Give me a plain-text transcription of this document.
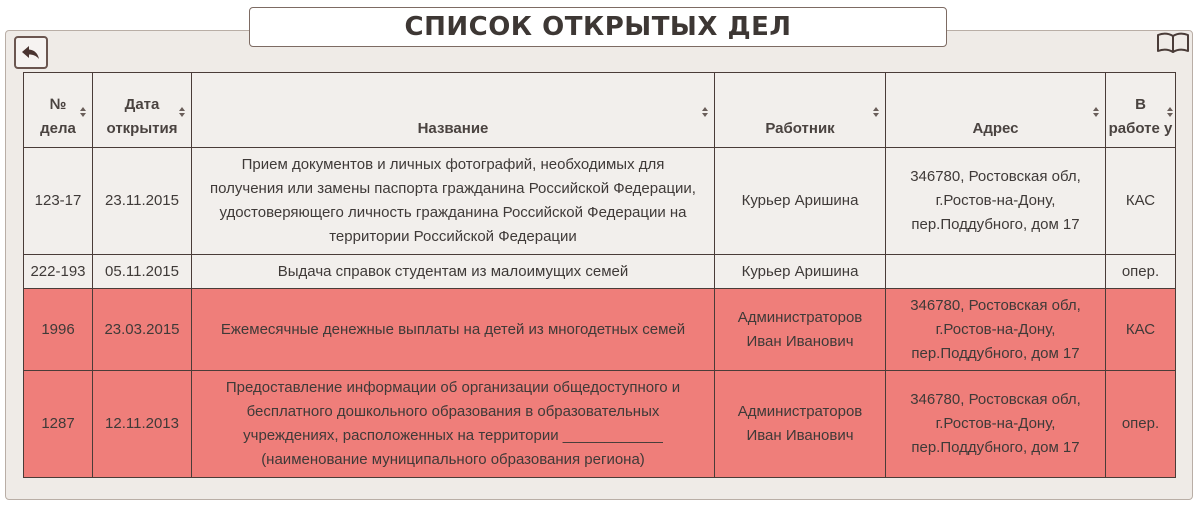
СПИСОК ОТКРЫТЫХ ДЕЛ
№ дела	Дата открытия	Название	Работник	Адрес	В работе у

123-17	23.11.2015	Прием документов и личных фотографий, необходимых для получения или замены паспорта гражданина Российской Федерации, удостоверяющего личность гражданина Российской Федерации на территории Российской Федерации	Курьер Аришина	346780, Ростовская обл, г.Ростов-на-Дону, пер.Поддубного, дом 17	КАС
222-193	05.11.2015	Выдача справок студентам из малоимущих семей	Курьер Аришина		опер.
1996	23.03.2015	Ежемесячные денежные выплаты на детей из многодетных семей	Администраторов Иван Иванович	346780, Ростовская обл, г.Ростов-на-Дону, пер.Поддубного, дом 17	КАС
1287	12.11.2013	Предоставление информации об организации общедоступного и бесплатного дошкольного образования в образовательных учреждениях, расположенных на территории ____________ (наименование муниципального образования региона)	Администраторов Иван Иванович	346780, Ростовская обл, г.Ростов-на-Дону, пер.Поддубного, дом 17	опер.
